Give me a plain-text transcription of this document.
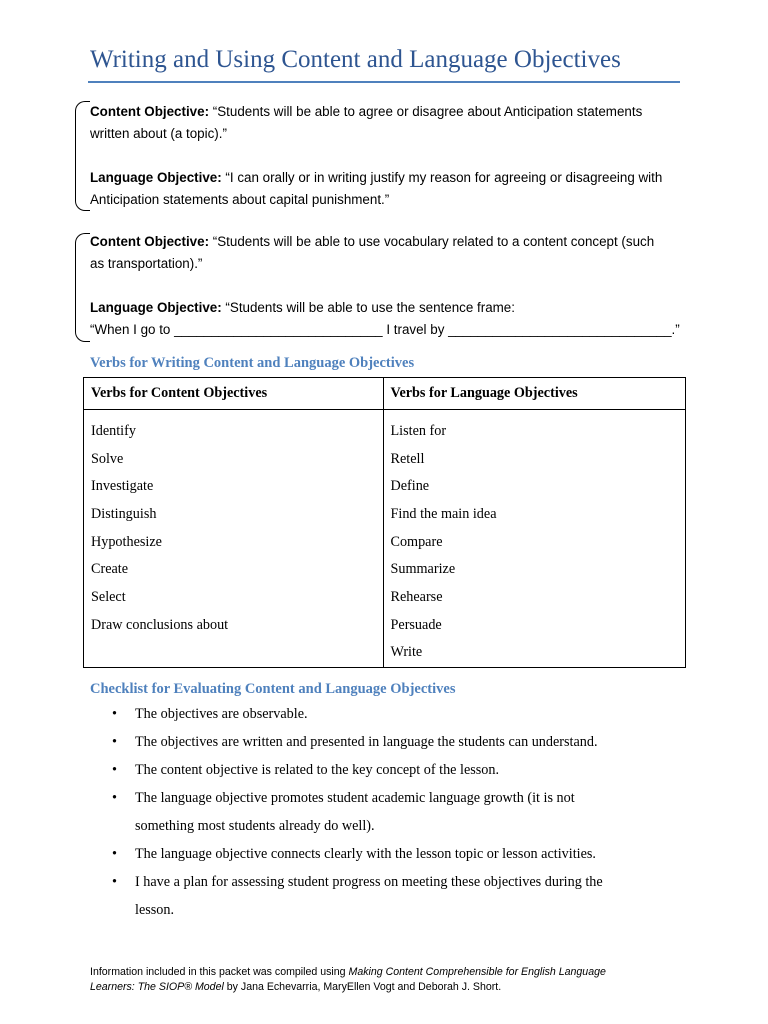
Writing and Using Content and Language Objectives
Content Objective: “Students will be able to agree or disagree about Anticipation statements
written about (a topic).”
Language Objective: “I can orally or in writing justify my reason for agreeing or disagreeing with
Anticipation statements about capital punishment.”
Content Objective: “Students will be able to use vocabulary related to a content concept (such
as transportation).”
Language Objective: “Students will be able to use the sentence frame:
“When I go to ____________________________ I travel by ______________________________.”
Verbs for Writing Content and Language Objectives
Verbs for Content Objectives	Verbs for Language Objectives
Identify	Listen for
Solve	Retell
Investigate	Define
Distinguish	Find the main idea
Hypothesize	Compare
Create	Summarize
Select	Rehearse
Draw conclusions about	Persuade
	Write
Checklist for Evaluating Content and Language Objectives
• The objectives are observable.
• The objectives are written and presented in language the students can understand.
• The content objective is related to the key concept of the lesson.
• The language objective promotes student academic language growth (it is not
something most students already do well).
• The language objective connects clearly with the lesson topic or lesson activities.
• I have a plan for assessing student progress on meeting these objectives during the
lesson.
Information included in this packet was compiled using Making Content Comprehensible for English Language
Learners: The SIOP® Model by Jana Echevarria, MaryEllen Vogt and Deborah J. Short.
